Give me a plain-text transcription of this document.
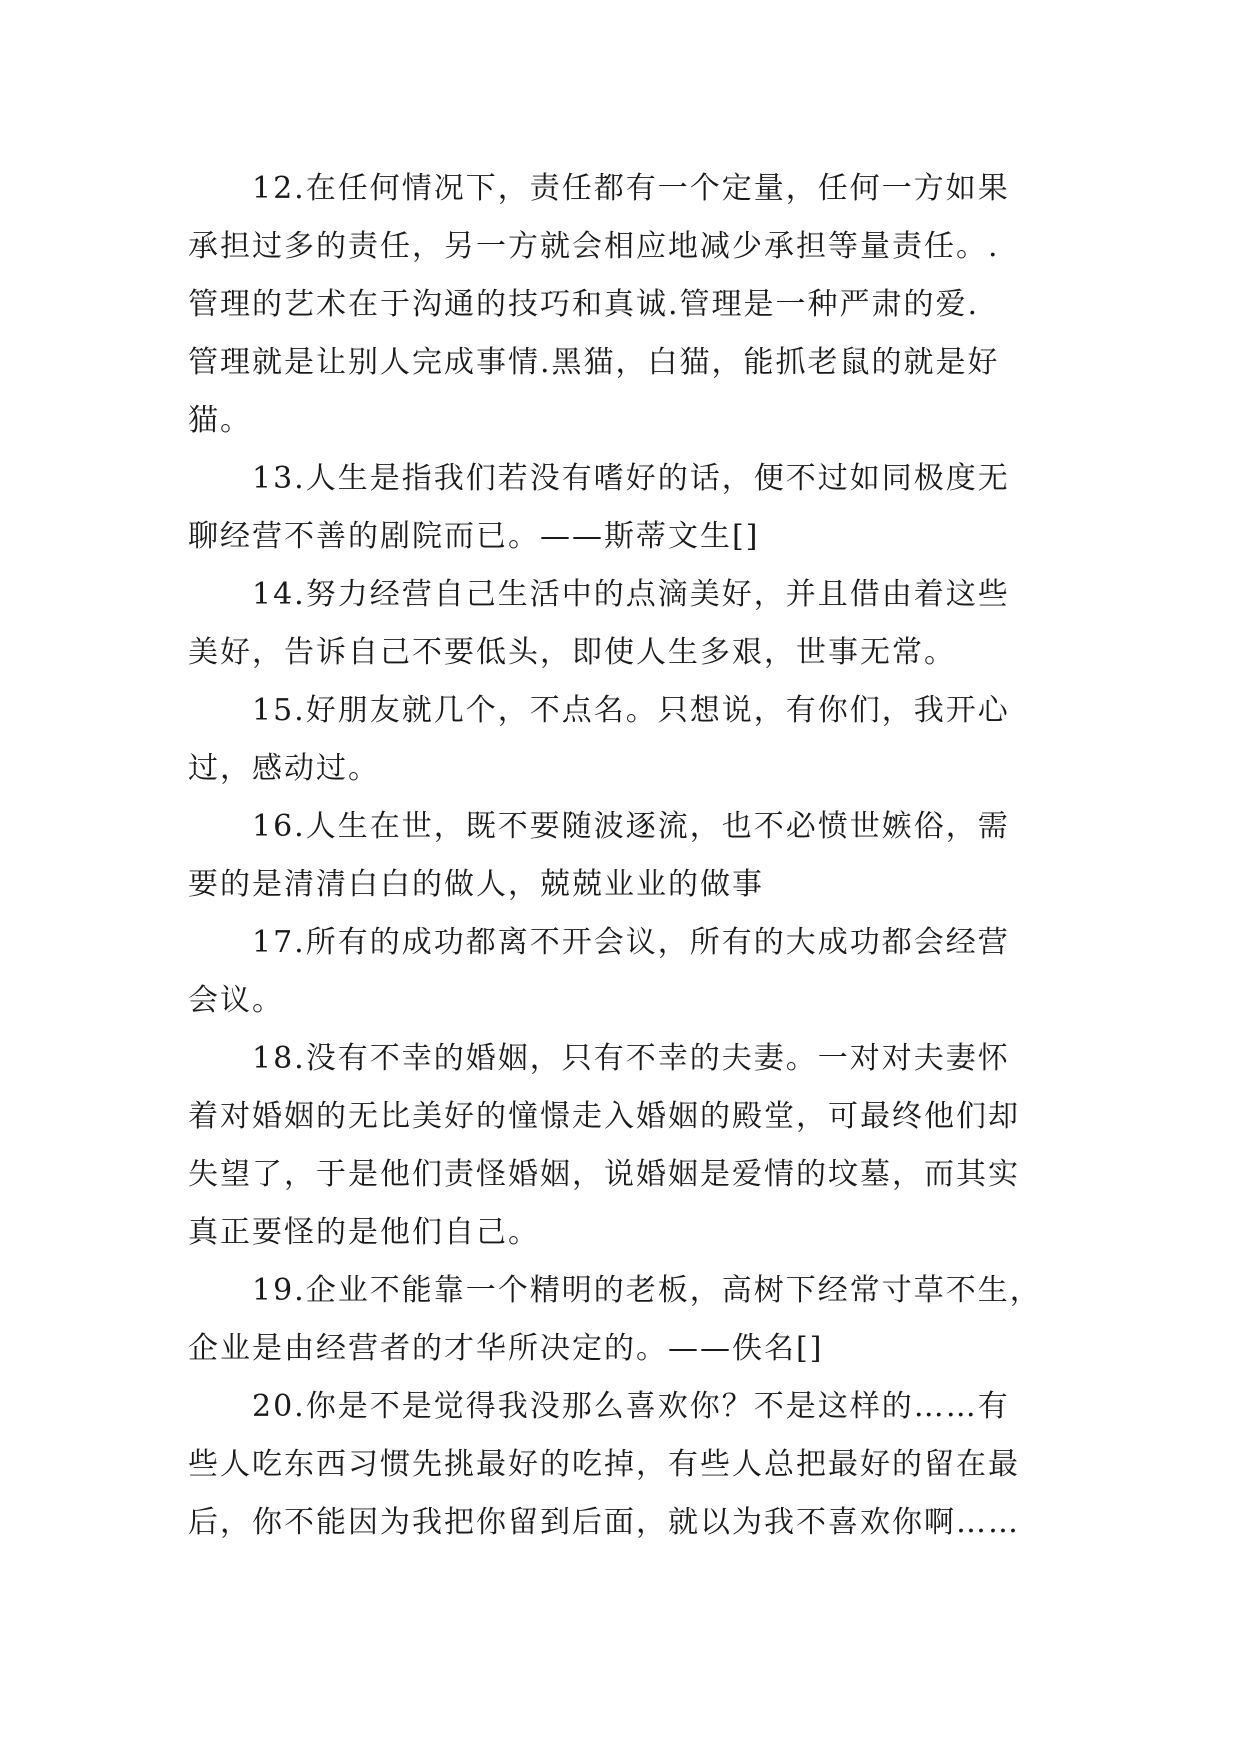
12.在任何情况下，责任都有一个定量，任何一方如果
承担过多的责任，另一方就会相应地减少承担等量责任。.
管理的艺术在于沟通的技巧和真诚.管理是一种严肃的爱.
管理就是让别人完成事情.黑猫，白猫，能抓老鼠的就是好
猫。
13.人生是指我们若没有嗜好的话，便不过如同极度无
聊经营不善的剧院而已。——斯蒂文生[]
14.努力经营自己生活中的点滴美好，并且借由着这些
美好，告诉自己不要低头，即使人生多艰，世事无常。
15.好朋友就几个，不点名。只想说，有你们，我开心
过，感动过。
16.人生在世，既不要随波逐流，也不必愤世嫉俗，需
要的是清清白白的做人，兢兢业业的做事
17.所有的成功都离不开会议，所有的大成功都会经营
会议。
18.没有不幸的婚姻，只有不幸的夫妻。一对对夫妻怀
着对婚姻的无比美好的憧憬走入婚姻的殿堂，可最终他们却
失望了，于是他们责怪婚姻，说婚姻是爱情的坟墓，而其实
真正要怪的是他们自己。
19.企业不能靠一个精明的老板，高树下经常寸草不生，
企业是由经营者的才华所决定的。——佚名[]
20.你是不是觉得我没那么喜欢你？不是这样的……有
些人吃东西习惯先挑最好的吃掉，有些人总把最好的留在最
后，你不能因为我把你留到后面，就以为我不喜欢你啊……
